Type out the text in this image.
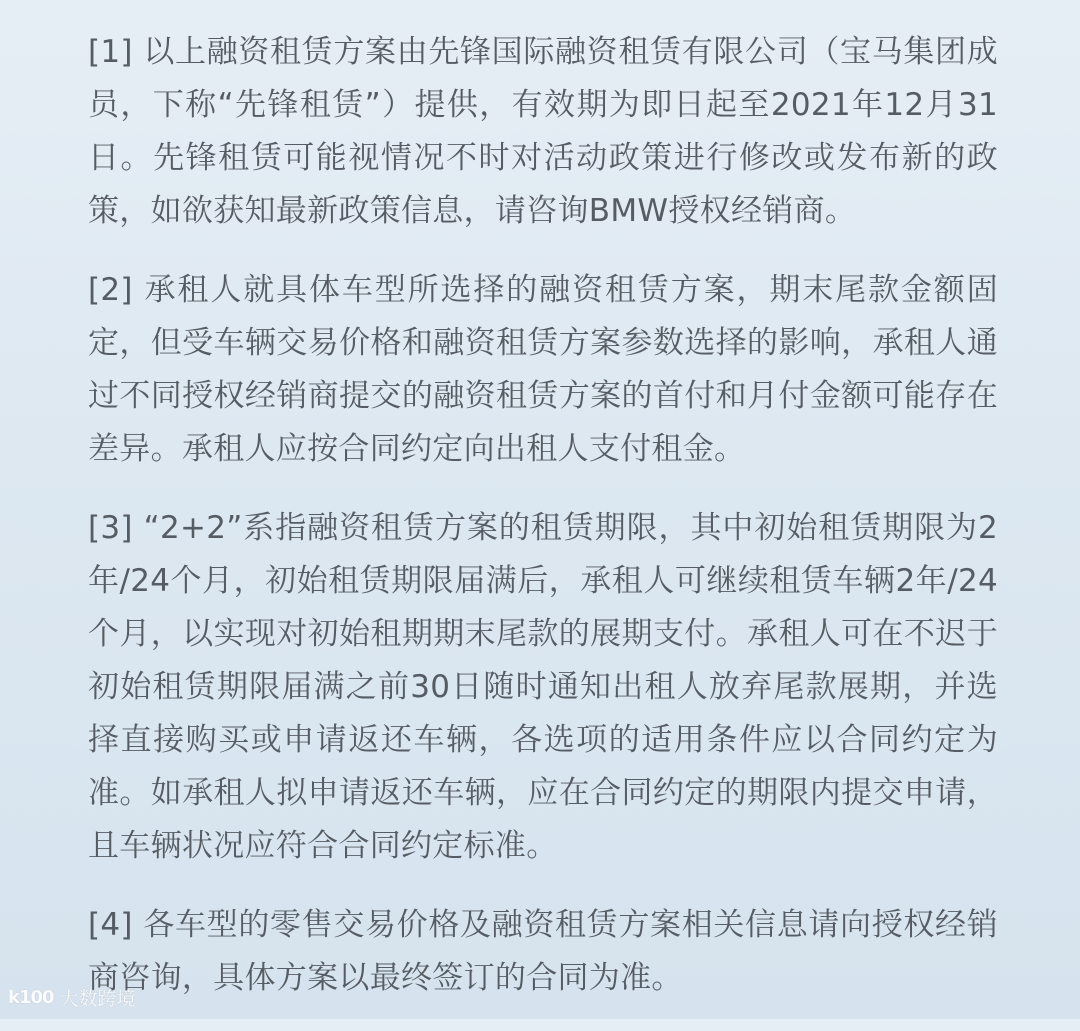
[1] 以上融资租赁方案由先锋国际融资租赁有限公司（宝马集团成员，下称“先锋租赁”）提供，有效期为即日起至2021年12月31日。先锋租赁可能视情况不时对活动政策进行修改或发布新的政策，如欲获知最新政策信息，请咨询BMW授权经销商。

[2] 承租人就具体车型所选择的融资租赁方案，期末尾款金额固定，但受车辆交易价格和融资租赁方案参数选择的影响，承租人通过不同授权经销商提交的融资租赁方案的首付和月付金额可能存在差异。承租人应按合同约定向出租人支付租金。

[3] “2+2”系指融资租赁方案的租赁期限，其中初始租赁期限为2年/24个月，初始租赁期限届满后，承租人可继续租赁车辆2年/24个月，以实现对初始租期期末尾款的展期支付。承租人可在不迟于初始租赁期限届满之前30日随时通知出租人放弃尾款展期，并选择直接购买或申请返还车辆，各选项的适用条件应以合同约定为准。如承租人拟申请返还车辆，应在合同约定的期限内提交申请，且车辆状况应符合合同约定标准。

[4] 各车型的零售交易价格及融资租赁方案相关信息请向授权经销商咨询，具体方案以最终签订的合同为准。

k100 大数跨境
